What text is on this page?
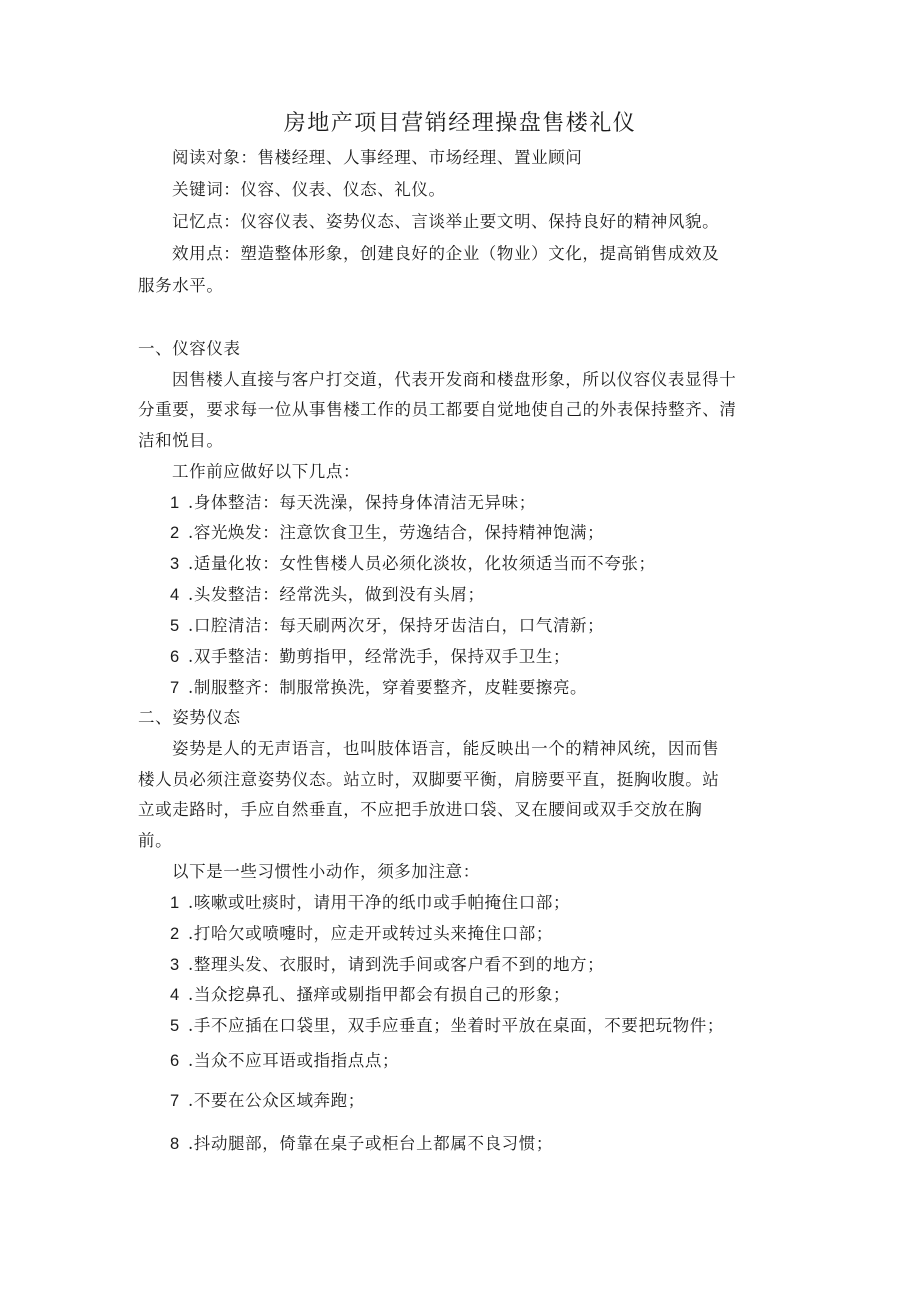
房地产项目营销经理操盘售楼礼仪
阅读对象：售楼经理、人事经理、市场经理、置业顾问
关键词：仪容、仪表、仪态、礼仪。
记忆点：仪容仪表、姿势仪态、言谈举止要文明、保持良好的精神风貌。
效用点：塑造整体形象，创建良好的企业（物业）文化，提高销售成效及
服务水平。
一、仪容仪表
因售楼人直接与客户打交道，代表开发商和楼盘形象，所以仪容仪表显得十
分重要，要求每一位从事售楼工作的员工都要自觉地使自己的外表保持整齐、清
洁和悦目。
工作前应做好以下几点：
1 .身体整洁：每天洗澡，保持身体清洁无异味；
2 .容光焕发：注意饮食卫生，劳逸结合，保持精神饱满；
3 .适量化妆：女性售楼人员必须化淡妆，化妆须适当而不夸张；
4 .头发整洁：经常洗头，做到没有头屑；
5 .口腔清洁：每天刷两次牙，保持牙齿洁白，口气清新；
6 .双手整洁：勤剪指甲，经常洗手，保持双手卫生；
7 .制服整齐：制服常换洗，穿着要整齐，皮鞋要擦亮。
二、姿势仪态
姿势是人的无声语言，也叫肢体语言，能反映出一个的精神风统，因而售
楼人员必须注意姿势仪态。站立时，双脚要平衡，肩膀要平直，挺胸收腹。站
立或走路时，手应自然垂直，不应把手放进口袋、叉在腰间或双手交放在胸
前。
以下是一些习惯性小动作，须多加注意：
1 .咳嗽或吐痰时，请用干净的纸巾或手帕掩住口部；
2 .打哈欠或喷嚏时，应走开或转过头来掩住口部；
3 .整理头发、衣服时，请到洗手间或客户看不到的地方；
4 .当众挖鼻孔、搔痒或剔指甲都会有损自己的形象；
5 .手不应插在口袋里，双手应垂直；坐着时平放在桌面，不要把玩物件；
6 .当众不应耳语或指指点点；
7 .不要在公众区域奔跑；
8 .抖动腿部，倚靠在桌子或柜台上都属不良习惯；
